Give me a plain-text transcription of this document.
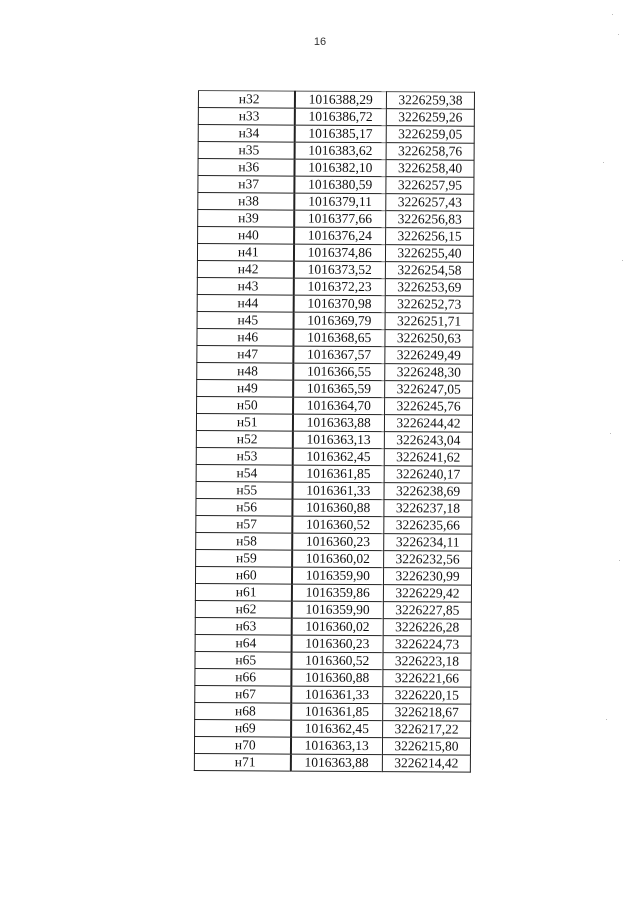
16
н32	1016388,29	3226259,38
н33	1016386,72	3226259,26
н34	1016385,17	3226259,05
н35	1016383,62	3226258,76
н36	1016382,10	3226258,40
н37	1016380,59	3226257,95
н38	1016379,11	3226257,43
н39	1016377,66	3226256,83
н40	1016376,24	3226256,15
н41	1016374,86	3226255,40
н42	1016373,52	3226254,58
н43	1016372,23	3226253,69
н44	1016370,98	3226252,73
н45	1016369,79	3226251,71
н46	1016368,65	3226250,63
н47	1016367,57	3226249,49
н48	1016366,55	3226248,30
н49	1016365,59	3226247,05
н50	1016364,70	3226245,76
н51	1016363,88	3226244,42
н52	1016363,13	3226243,04
н53	1016362,45	3226241,62
н54	1016361,85	3226240,17
н55	1016361,33	3226238,69
н56	1016360,88	3226237,18
н57	1016360,52	3226235,66
н58	1016360,23	3226234,11
н59	1016360,02	3226232,56
н60	1016359,90	3226230,99
н61	1016359,86	3226229,42
н62	1016359,90	3226227,85
н63	1016360,02	3226226,28
н64	1016360,23	3226224,73
н65	1016360,52	3226223,18
н66	1016360,88	3226221,66
н67	1016361,33	3226220,15
н68	1016361,85	3226218,67
н69	1016362,45	3226217,22
н70	1016363,13	3226215,80
н71	1016363,88	3226214,42
